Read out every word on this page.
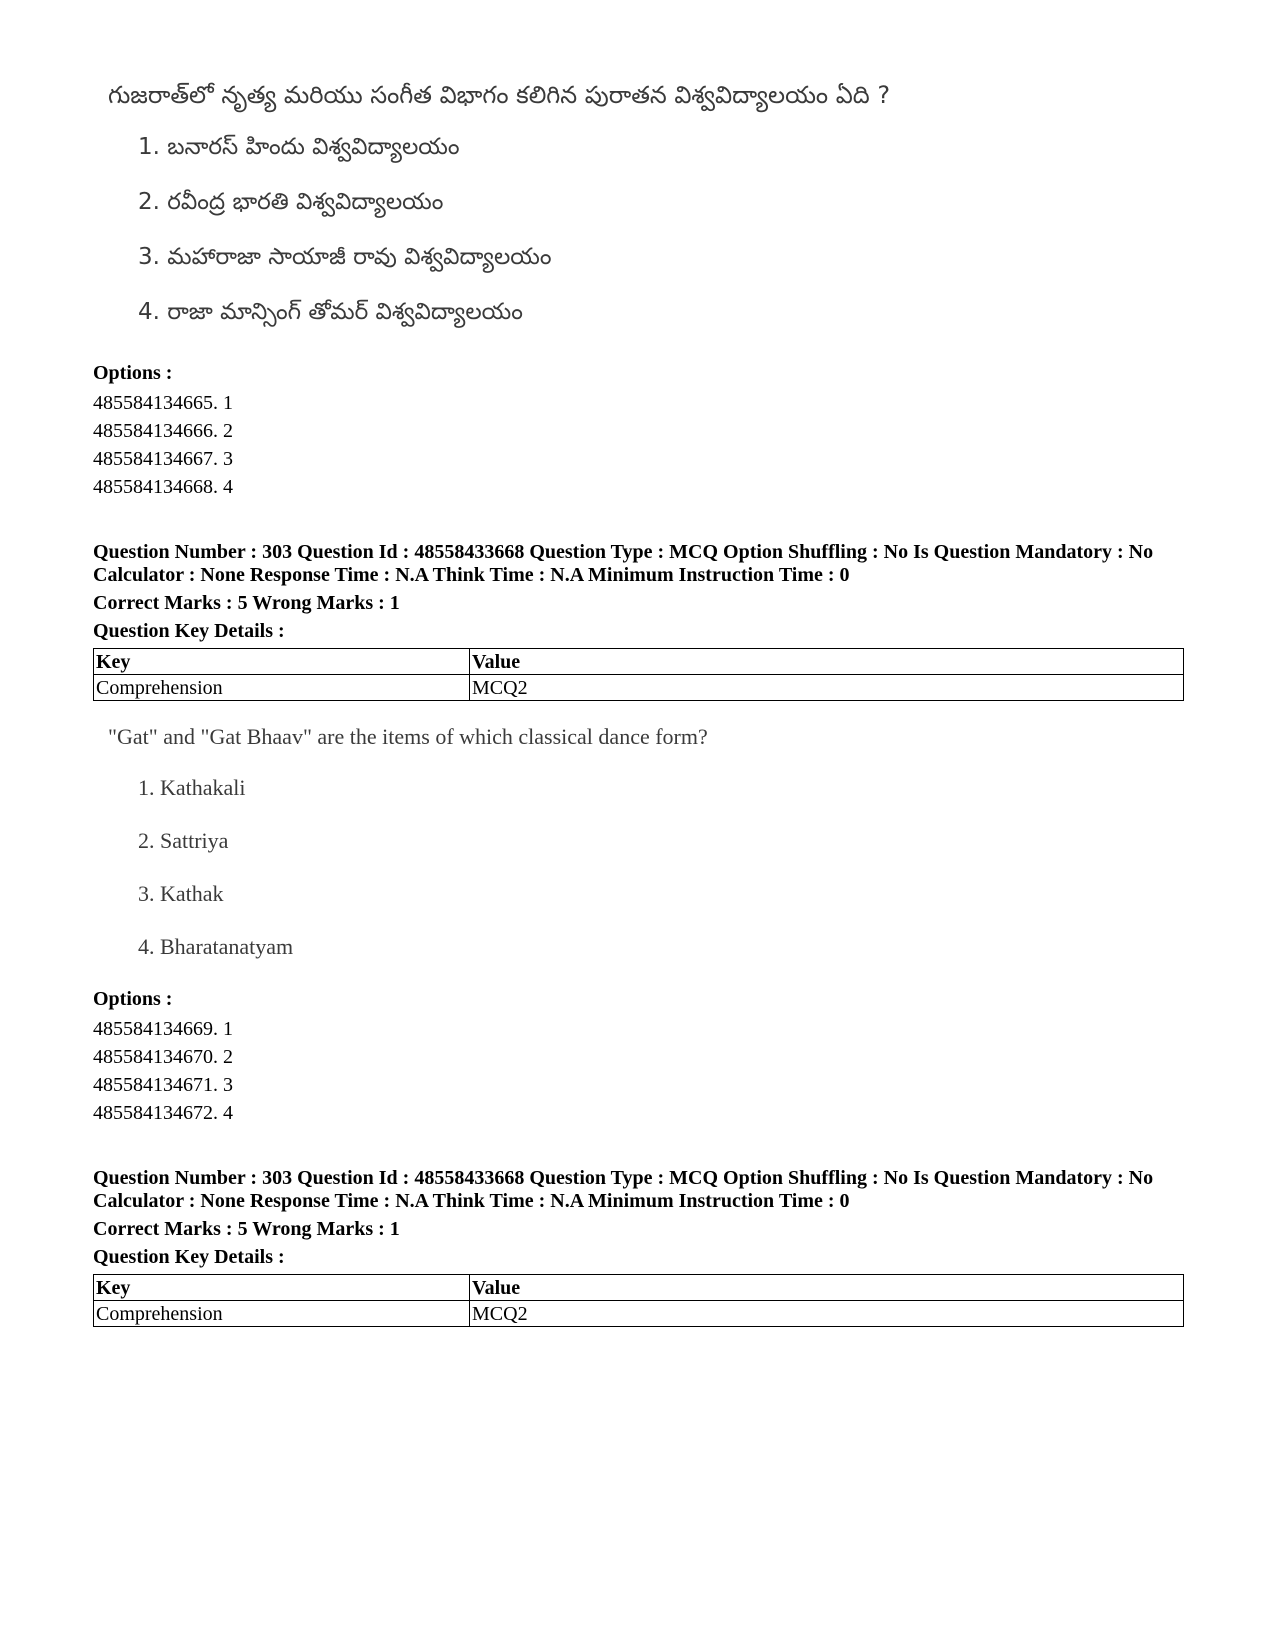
గుజరాత్‌లో నృత్య మరియు సంగీత విభాగం కలిగిన పురాతన విశ్వవిద్యాలయం ఏది ?
1. బనారస్ హిందు విశ్వవిద్యాలయం
2. రవీంద్ర భారతి విశ్వవిద్యాలయం
3. మహారాజా సాయాజీ రావు విశ్వవిద్యాలయం
4. రాజా మాన్సింగ్ తోమర్ విశ్వవిద్యాలయం
Options :
485584134665. 1
485584134666. 2
485584134667. 3
485584134668. 4
Question Number : 303 Question Id : 48558433668 Question Type : MCQ Option Shuffling : No Is Question Mandatory : No Calculator : None Response Time : N.A Think Time : N.A Minimum Instruction Time : 0
Correct Marks : 5 Wrong Marks : 1
Question Key Details :
Key	Value
Comprehension	MCQ2
"Gat" and "Gat Bhaav" are the items of which classical dance form?
1. Kathakali
2. Sattriya
3. Kathak
4. Bharatanatyam
Options :
485584134669. 1
485584134670. 2
485584134671. 3
485584134672. 4
Question Number : 303 Question Id : 48558433668 Question Type : MCQ Option Shuffling : No Is Question Mandatory : No Calculator : None Response Time : N.A Think Time : N.A Minimum Instruction Time : 0
Correct Marks : 5 Wrong Marks : 1
Question Key Details :
Key	Value
Comprehension	MCQ2
